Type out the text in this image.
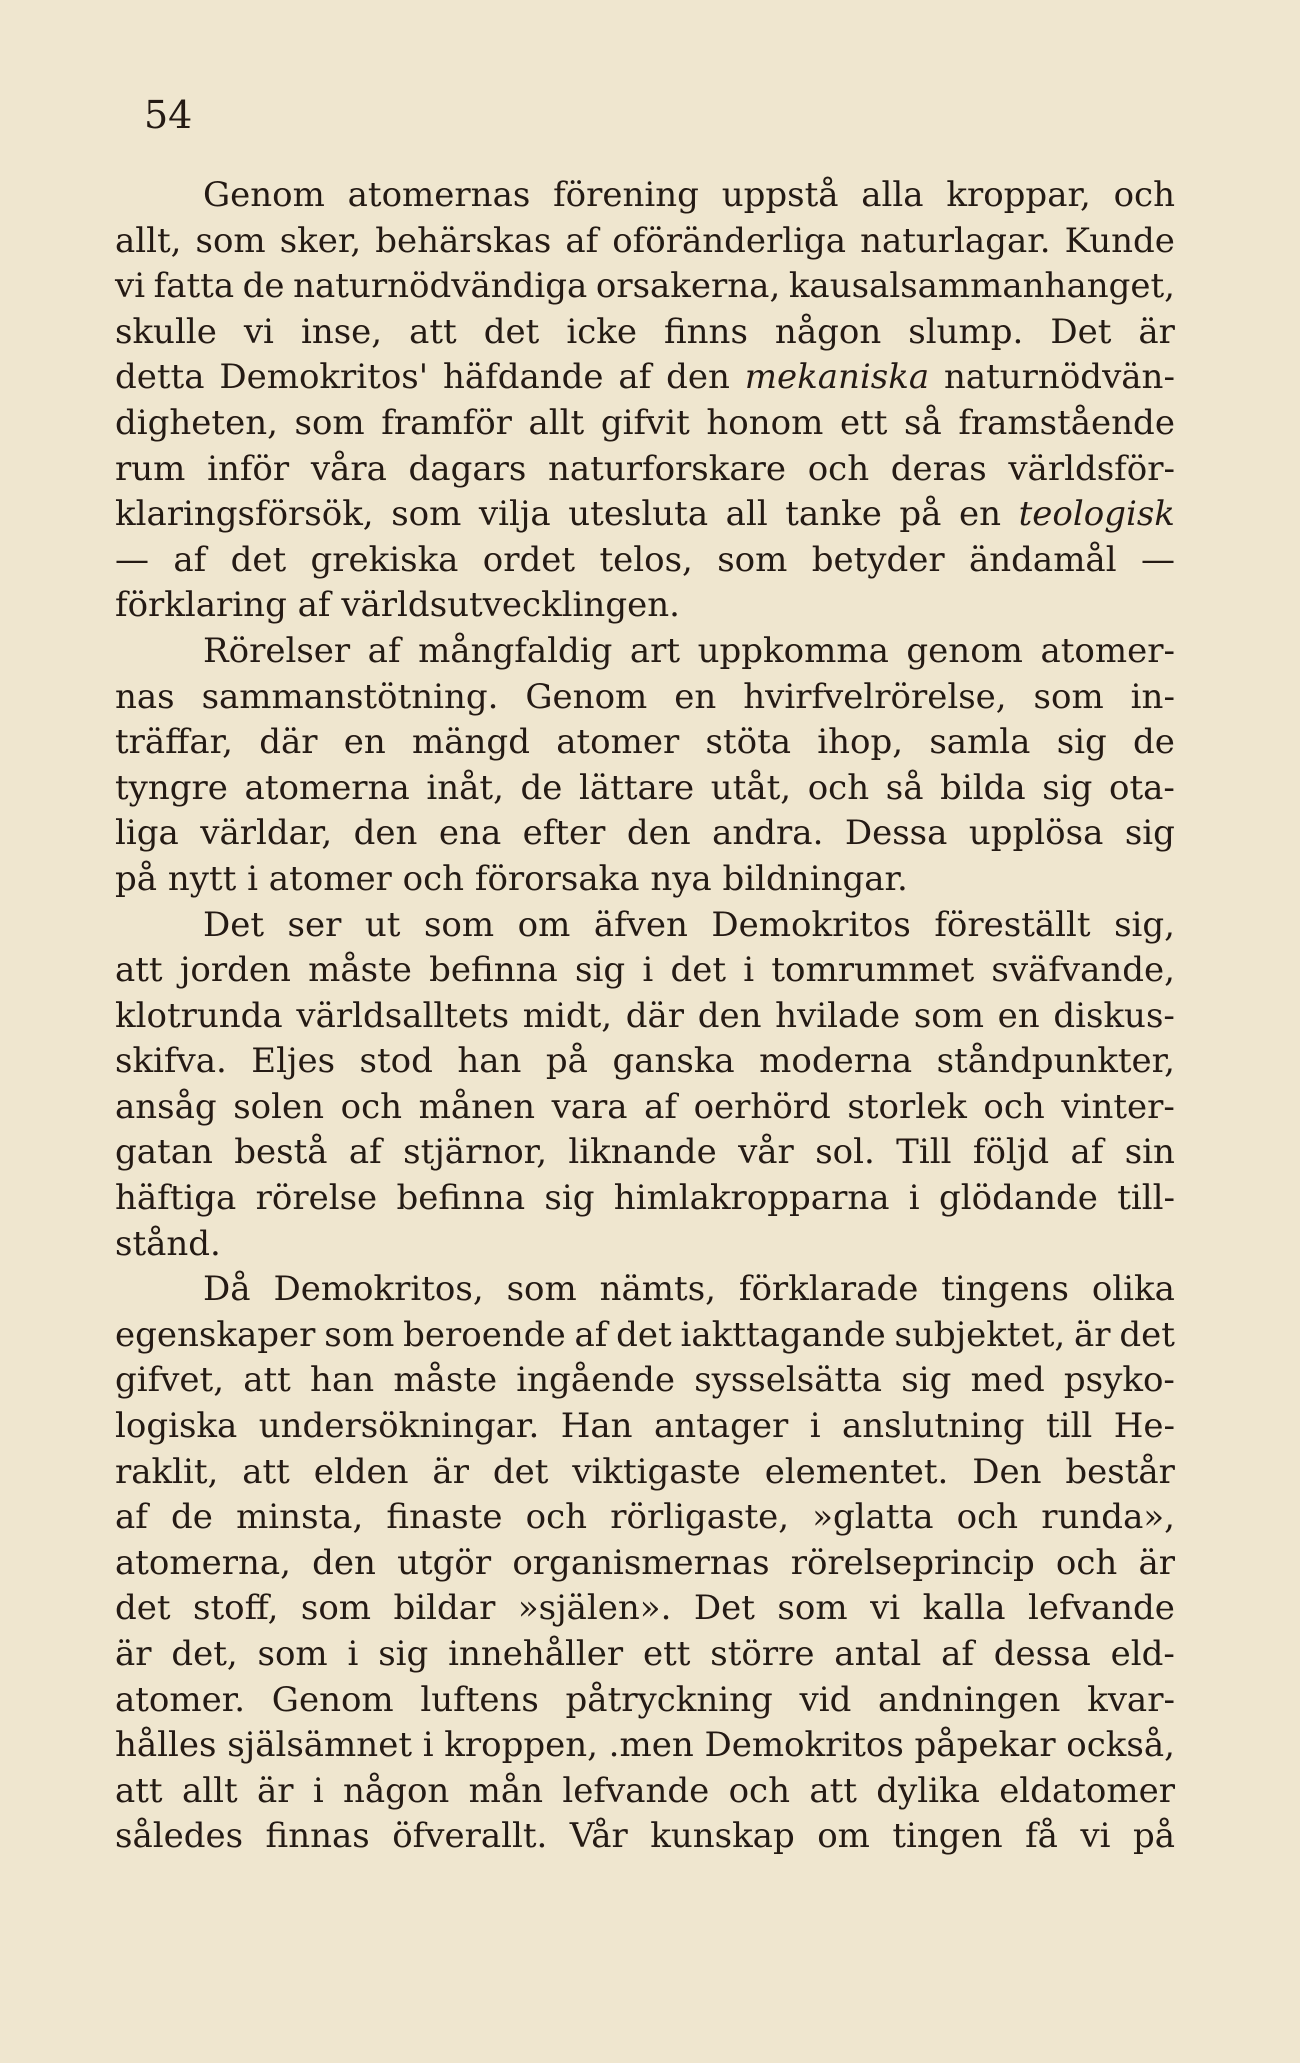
54
Genom atomernas förening uppstå alla kroppar, och
allt, som sker, behärskas af oföränderliga naturlagar. Kunde
vi fatta de naturnödvändiga orsakerna, kausalsammanhanget,
skulle vi inse, att det icke finns någon slump. Det är
detta Demokritos' häfdande af den mekaniska naturnödvän-
digheten, som framför allt gifvit honom ett så framstående
rum inför våra dagars naturforskare och deras världsför-
klaringsförsök, som vilja utesluta all tanke på en teologisk
— af det grekiska ordet telos, som betyder ändamål —
förklaring af världsutvecklingen.
Rörelser af mångfaldig art uppkomma genom atomer-
nas sammanstötning. Genom en hvirfvelrörelse, som in-
träffar, där en mängd atomer stöta ihop, samla sig de
tyngre atomerna inåt, de lättare utåt, och så bilda sig ota-
liga världar, den ena efter den andra. Dessa upplösa sig
på nytt i atomer och förorsaka nya bildningar.
Det ser ut som om äfven Demokritos föreställt sig,
att jorden måste befinna sig i det i tomrummet sväfvande,
klotrunda världsalltets midt, där den hvilade som en diskus-
skifva. Eljes stod han på ganska moderna ståndpunkter,
ansåg solen och månen vara af oerhörd storlek och vinter-
gatan bestå af stjärnor, liknande vår sol. Till följd af sin
häftiga rörelse befinna sig himlakropparna i glödande till-
stånd.
Då Demokritos, som nämts, förklarade tingens olika
egenskaper som beroende af det iakttagande subjektet, är det
gifvet, att han måste ingående sysselsätta sig med psyko-
logiska undersökningar. Han antager i anslutning till He-
raklit, att elden är det viktigaste elementet. Den består
af de minsta, finaste och rörligaste, »glatta och runda»,
atomerna, den utgör organismernas rörelseprincip och är
det stoff, som bildar »själen». Det som vi kalla lefvande
är det, som i sig innehåller ett större antal af dessa eld-
atomer. Genom luftens påtryckning vid andningen kvar-
hålles själsämnet i kroppen, .men Demokritos påpekar också,
att allt är i någon mån lefvande och att dylika eldatomer
således finnas öfverallt. Vår kunskap om tingen få vi på
